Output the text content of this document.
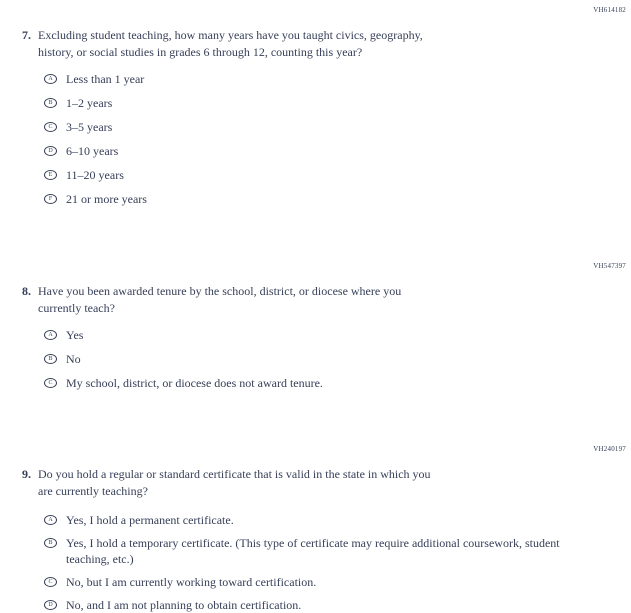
VH614182
7. Excluding student teaching, how many years have you taught civics, geography,
history, or social studies in grades 6 through 12, counting this year?
A Less than 1 year
B 1–2 years
C 3–5 years
D 6–10 years
E 11–20 years
F 21 or more years
VH547397
8. Have you been awarded tenure by the school, district, or diocese where you
currently teach?
A Yes
B No
C My school, district, or diocese does not award tenure.
VH240197
9. Do you hold a regular or standard certificate that is valid in the state in which you
are currently teaching?
A Yes, I hold a permanent certificate.
B Yes, I hold a temporary certificate. (This type of certificate may require additional coursework, student teaching, etc.)
C No, but I am currently working toward certification.
D No, and I am not planning to obtain certification.
